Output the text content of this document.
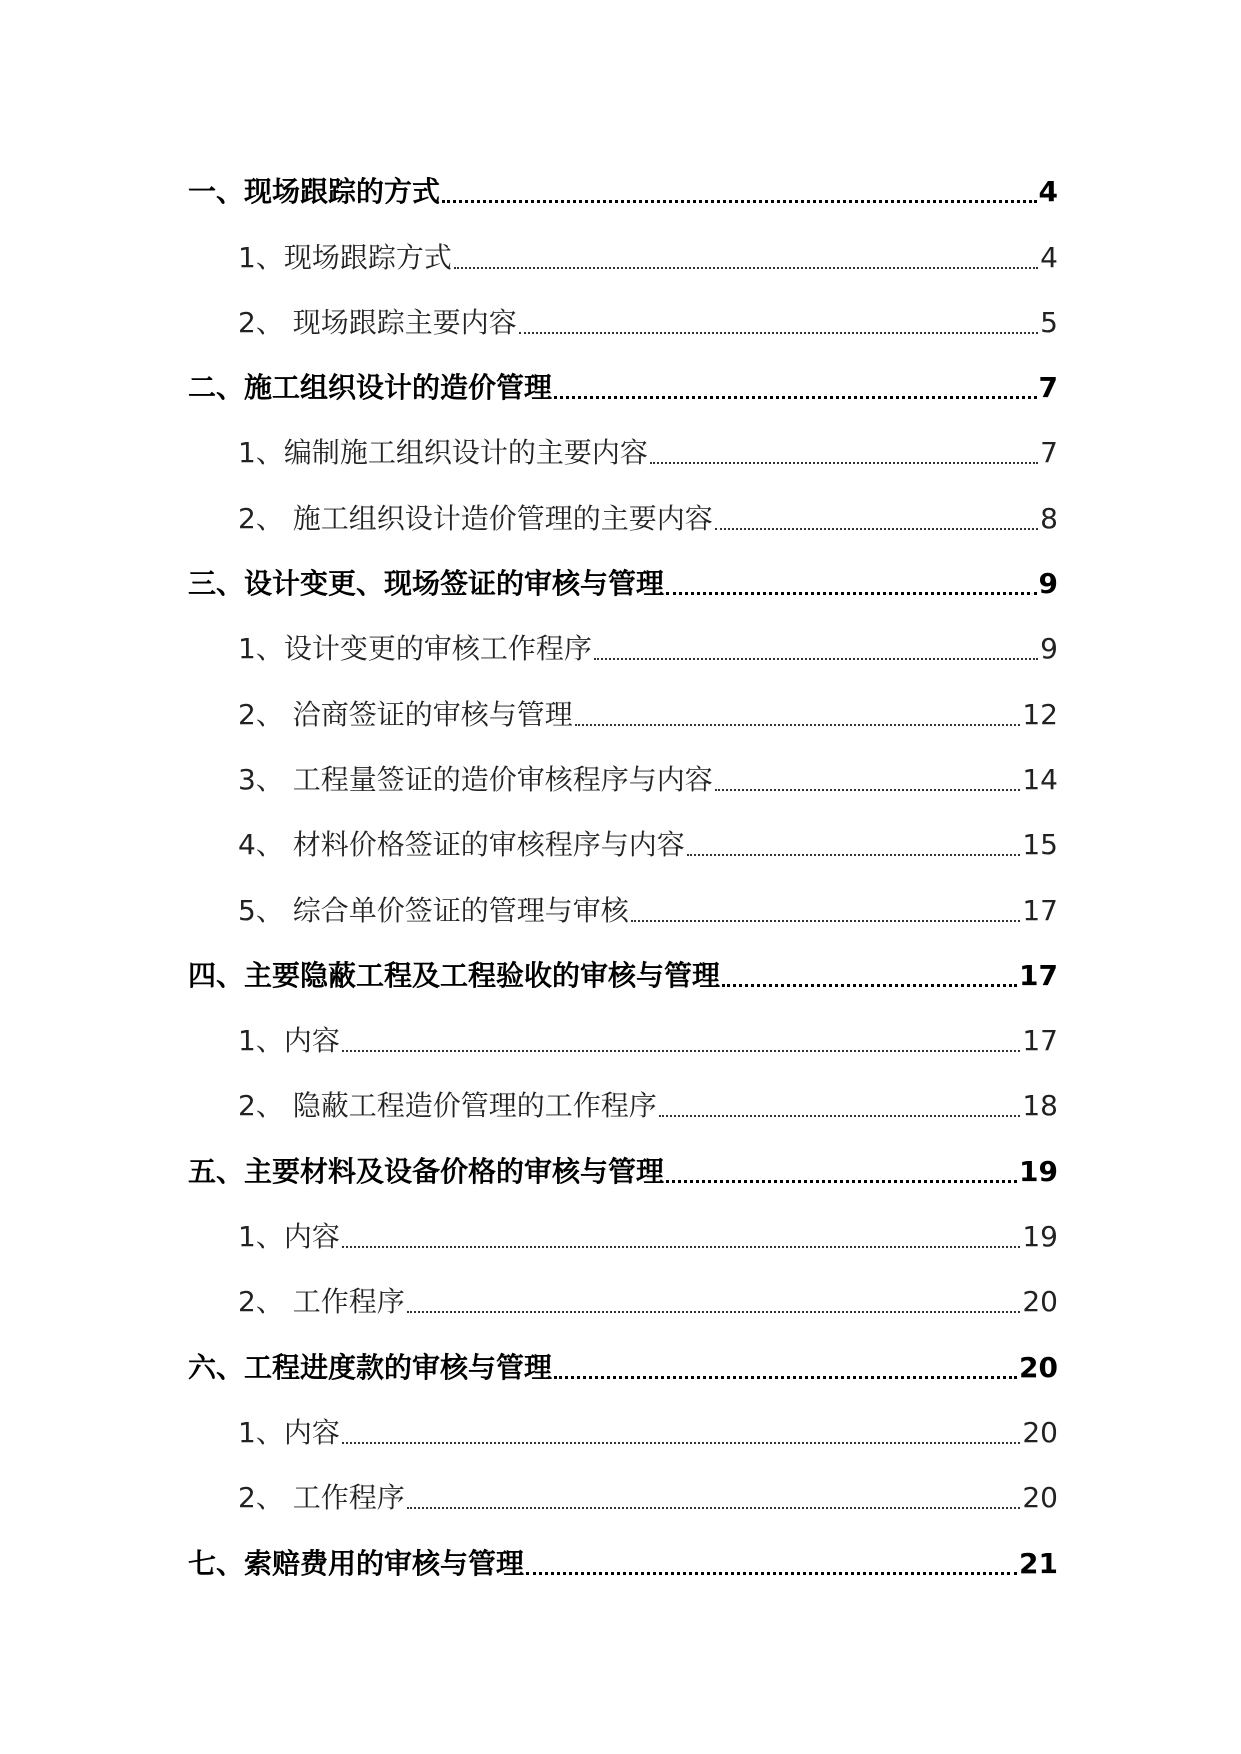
一、现场跟踪的方式	4
1、现场跟踪方式	4
2、 现场跟踪主要内容	5
二、施工组织设计的造价管理	7
1、编制施工组织设计的主要内容	7
2、 施工组织设计造价管理的主要内容	8
三、设计变更、现场签证的审核与管理	9
1、设计变更的审核工作程序	9
2、 洽商签证的审核与管理	12
3、 工程量签证的造价审核程序与内容	14
4、 材料价格签证的审核程序与内容	15
5、 综合单价签证的管理与审核	17
四、主要隐蔽工程及工程验收的审核与管理	17
1、内容	17
2、 隐蔽工程造价管理的工作程序	18
五、主要材料及设备价格的审核与管理	19
1、内容	19
2、 工作程序	20
六、工程进度款的审核与管理	20
1、内容	20
2、 工作程序	20
七、索赔费用的审核与管理	21
